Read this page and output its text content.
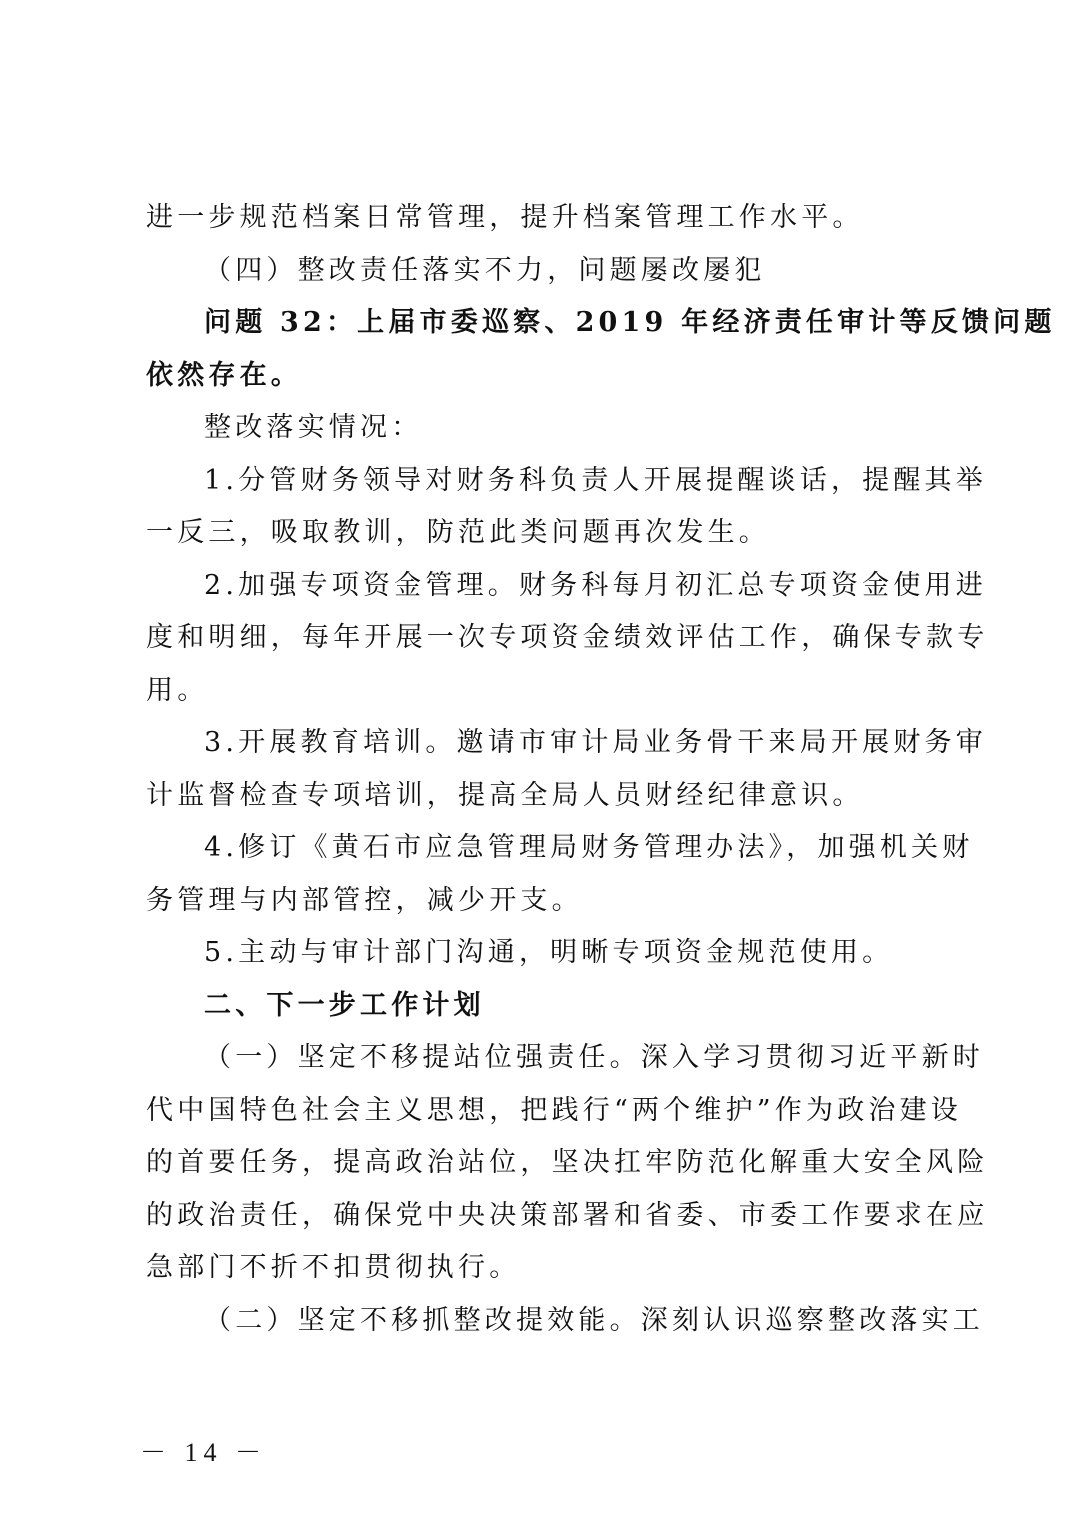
进一步规范档案日常管理，提升档案管理工作水平。
（四）整改责任落实不力，问题屡改屡犯
问题 32：上届市委巡察、2019 年经济责任审计等反馈问题
依然存在。
整改落实情况：
1.分管财务领导对财务科负责人开展提醒谈话，提醒其举
一反三，吸取教训，防范此类问题再次发生。
2.加强专项资金管理。财务科每月初汇总专项资金使用进
度和明细，每年开展一次专项资金绩效评估工作，确保专款专
用。
3.开展教育培训。邀请市审计局业务骨干来局开展财务审
计监督检查专项培训，提高全局人员财经纪律意识。
4.修订《黄石市应急管理局财务管理办法》，加强机关财
务管理与内部管控，减少开支。
5.主动与审计部门沟通，明晰专项资金规范使用。
二、下一步工作计划
（一）坚定不移提站位强责任。深入学习贯彻习近平新时
代中国特色社会主义思想，把践行“两个维护”作为政治建设
的首要任务，提高政治站位，坚决扛牢防范化解重大安全风险
的政治责任，确保党中央决策部署和省委、市委工作要求在应
急部门不折不扣贯彻执行。
（二）坚定不移抓整改提效能。深刻认识巡察整改落实工
－ 14 －
